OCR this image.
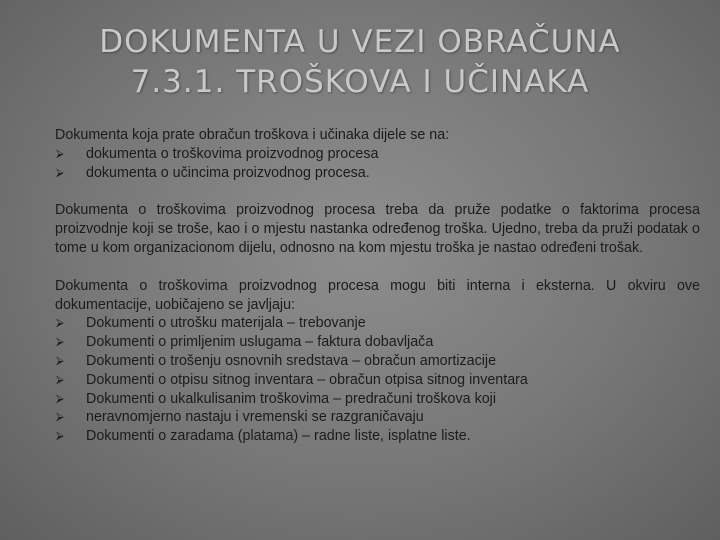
DOKUMENTA U VEZI OBRAČUNA
7.3.1. TROŠKOVA I UČINAKA

Dokumenta koja prate obračun troškova i učinaka dijele se na:

⮚	dokumenta o troškovima proizvodnog procesa
⮚	dokumenta o učincima proizvodnog procesa.

Dokumenta o troškovima proizvodnog procesa treba da pruže podatke o faktorima procesa proizvodnje koji se troše, kao i o mjestu nastanka određenog troška. Ujedno, treba da pruži podatak o tome u kom organizacionom dijelu, odnosno na kom mjestu troška je nastao određeni trošak.

Dokumenta o troškovima proizvodnog procesa mogu biti interna i eksterna. U okviru ove dokumentacije, uobičajeno se javljaju:

⮚	Dokumenti o utrošku materijala – trebovanje
⮚	Dokumenti o primljenim uslugama – faktura dobavljača
⮚	Dokumenti o trošenju osnovnih sredstava – obračun amortizacije
⮚	Dokumenti o otpisu sitnog inventara – obračun otpisa sitnog inventara
⮚	Dokumenti o ukalkulisanim troškovima – predračuni troškova koji
⮚	neravnomjerno nastaju i vremenski se razgraničavaju
⮚	Dokumenti o zaradama (platama) – radne liste, isplatne liste.
